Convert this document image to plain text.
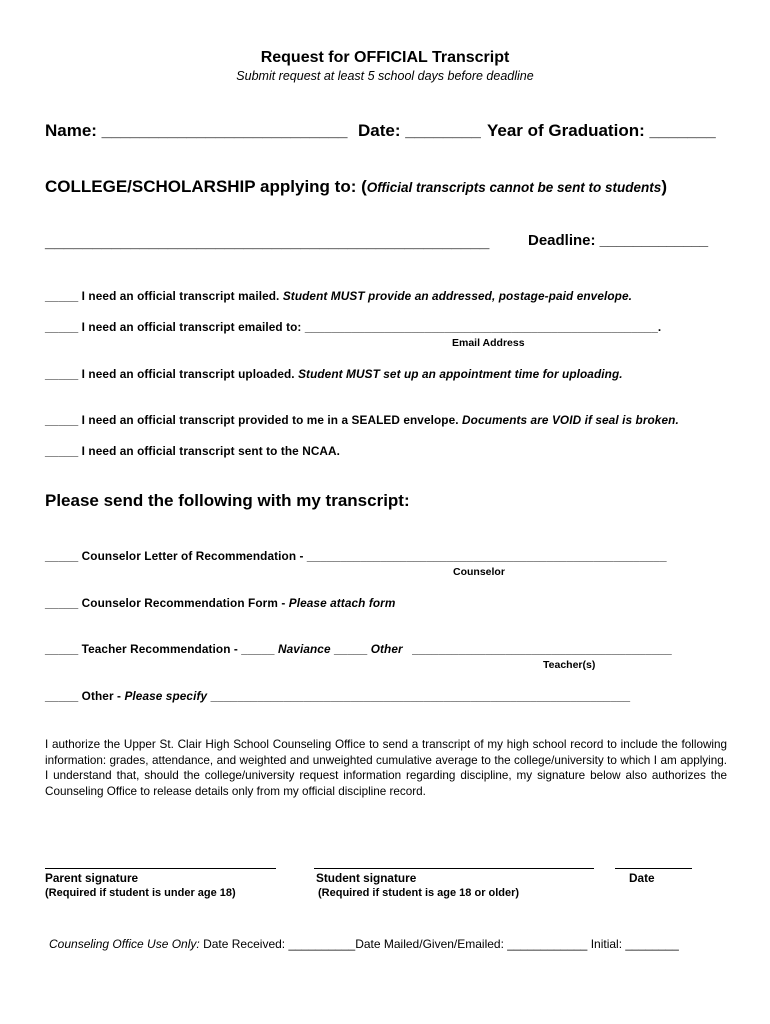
Request for OFFICIAL Transcript
Submit request at least 5 school days before deadline
Name: __________________________ Date: ________ Year of Graduation: _______
COLLEGE/SCHOLARSHIP applying to: (Official transcripts cannot be sent to students)
_______________________________________________	Deadline: _____________
_____ I need an official transcript mailed. Student MUST provide an addressed, postage-paid envelope.
_____ I need an official transcript emailed to: _____________________________________________________.
Email Address
_____ I need an official transcript uploaded. Student MUST set up an appointment time for uploading.
_____ I need an official transcript provided to me in a SEALED envelope. Documents are VOID if seal is broken.
_____ I need an official transcript sent to the NCAA.
Please send the following with my transcript:
_____ Counselor Letter of Recommendation - ______________________________________________________
Counselor
_____ Counselor Recommendation Form - Please attach form
_____ Teacher Recommendation - _____ Naviance _____ Other _______________________________________
Teacher(s)
_____ Other - Please specify _______________________________________________________________
I authorize the Upper St. Clair High School Counseling Office to send a transcript of my high school record to include the following information: grades, attendance, and weighted and unweighted cumulative average to the college/university to which I am applying. I understand that, should the college/university request information regarding discipline, my signature below also authorizes the Counseling Office to release details only from my official discipline record.
Parent signature
(Required if student is under age 18)
Student signature
(Required if student is age 18 or older)
Date
Counseling Office Use Only: Date Received: __________Date Mailed/Given/Emailed: ____________ Initial: ________
